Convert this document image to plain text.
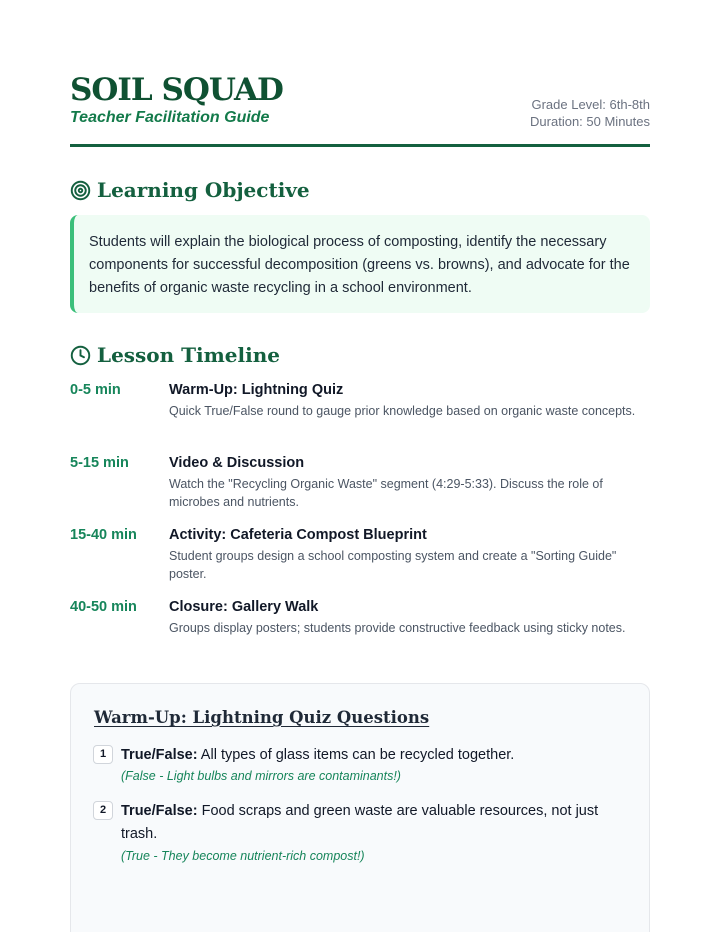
SOIL SQUAD
Teacher Facilitation Guide
Grade Level: 6th-8th
Duration: 50 Minutes
Learning Objective

Students will explain the biological process of composting, identify the necessary components for successful decomposition (greens vs. browns), and advocate for the benefits of organic waste recycling in a school environment.

Lesson Timeline
0-5 min	Warm-Up: Lightning Quiz
Quick True/False round to gauge prior knowledge based on organic waste concepts.
5-15 min	Video & Discussion
Watch the "Recycling Organic Waste" segment (4:29-5:33). Discuss the role of microbes and nutrients.
15-40 min Activity: Cafeteria Compost Blueprint
Student groups design a school composting system and create a "Sorting Guide" poster.
40-50 min Closure: Gallery Walk
Groups display posters; students provide constructive feedback using sticky notes.
Warm-Up: Lightning Quiz Questions
1	True/False: All types of glass items can be recycled together.
(False - Light bulbs and mirrors are contaminants!)
2	True/False: Food scraps and green waste are valuable resources, not just trash.
(True - They become nutrient-rich compost!)
